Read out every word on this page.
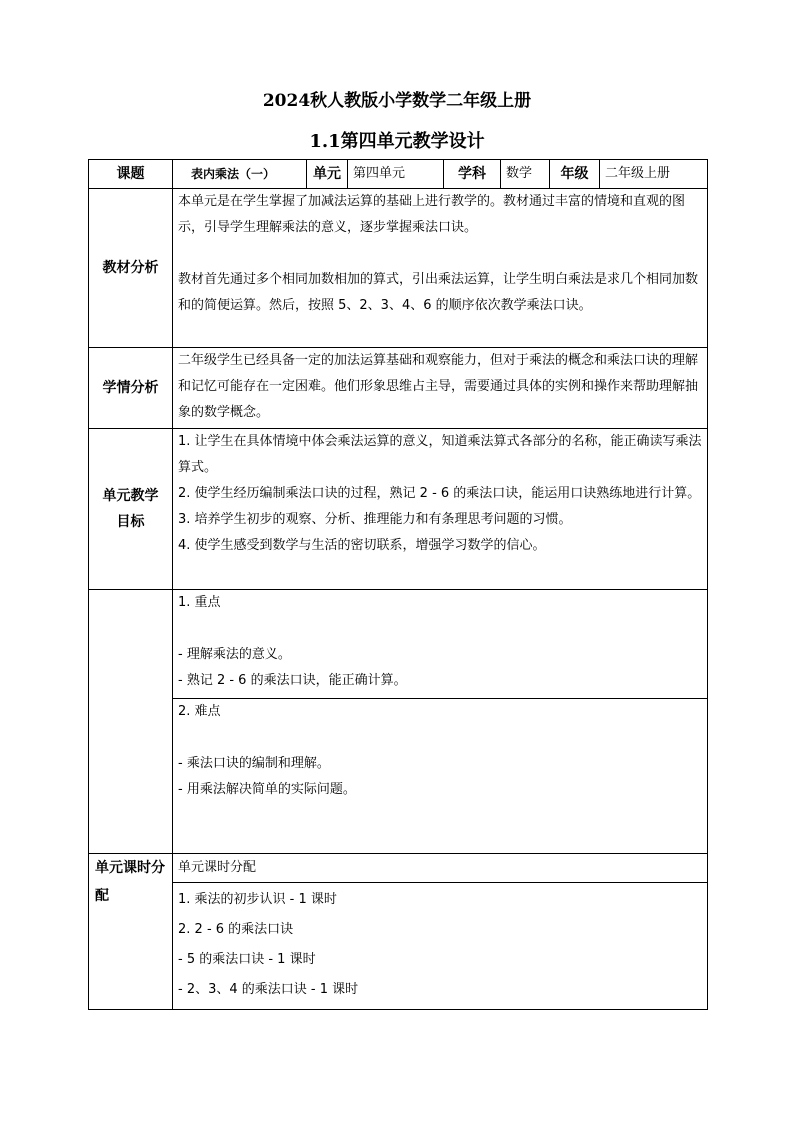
2024秋人教版小学数学二年级上册
1.1第四单元教学设计
课题	表内乘法（一）	单元	第四单元	学科	数学	年级	二年级上册
教材分析	本单元是在学生掌握了加减法运算的基础上进行教学的。教材通过丰富的情境和直观的图示，引导学生理解乘法的意义，逐步掌握乘法口诀。

教材首先通过多个相同加数相加的算式，引出乘法运算，让学生明白乘法是求几个相同加数和的简便运算。然后，按照 5、2、3、4、6 的顺序依次教学乘法口诀。						

学情分析	二年级学生已经具备一定的加法运算基础和观察能力，但对于乘法的概念和乘法口诀的理解和记忆可能存在一定困难。他们形象思维占主导，需要通过具体的实例和操作来帮助理解抽象的数学概念。						

单元教学目标	1. 让学生在具体情境中体会乘法运算的意义，知道乘法算式各部分的名称，能正确读写乘法算式。

2. 使学生经历编制乘法口诀的过程，熟记 2 - 6 的乘法口诀，能运用口诀熟练地进行计算。

3. 培养学生初步的观察、分析、推理能力和有条理思考问题的习惯。

4. 使学生感受到数学与生活的密切联系，增强学习数学的信心。						

	1. 重点

- 理解乘法的意义。

- 熟记 2 - 6 的乘法口诀，能正确计算。						

	2. 难点

- 乘法口诀的编制和理解。

- 用乘法解决简单的实际问题。						

单元课时分配	单元课时分配						

	1. 乘法的初步认识 - 1 课时

2. 2 - 6 的乘法口诀

- 5 的乘法口诀 - 1 课时

- 2、3、4 的乘法口诀 - 1 课时						
